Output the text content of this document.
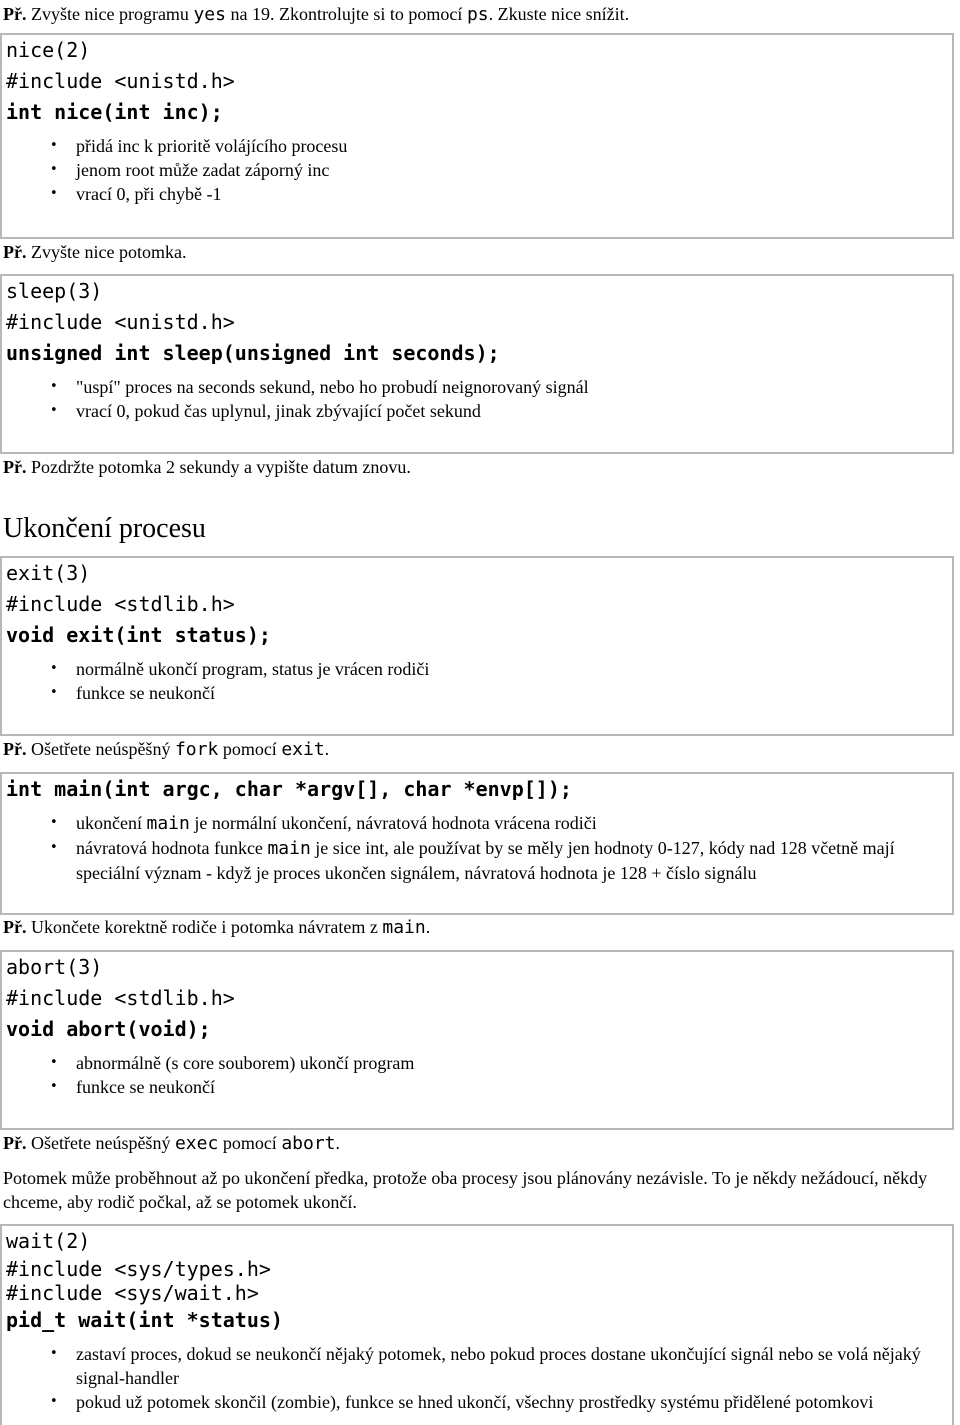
Př. Zvyšte nice programu yes na 19. Zkontrolujte si to pomocí ps. Zkuste nice snížit.

nice(2)
#include <unistd.h>
int nice(int inc);
• přidá inc k prioritě volájícího procesu
• jenom root může zadat záporný inc
• vrací 0, při chybě -1

Př. Zvyšte nice potomka.

sleep(3)
#include <unistd.h>
unsigned int sleep(unsigned int seconds);
• "uspí" proces na seconds sekund, nebo ho probudí neignorovaný signál
• vrací 0, pokud čas uplynul, jinak zbývající počet sekund

Př. Pozdržte potomka 2 sekundy a vypište datum znovu.

Ukončení procesu
exit(3)
#include <stdlib.h>
void exit(int status);
• normálně ukončí program, status je vrácen rodiči
• funkce se neukončí

Př. Ošetřete neúspěšný fork pomocí exit.

int main(int argc, char *argv[], char *envp[]);
• ukončení main je normální ukončení, návratová hodnota vrácena rodiči
• návratová hodnota funkce main je sice int, ale používat by se měly jen hodnoty 0-127, kódy nad 128 včetně mají speciální význam - když je proces ukončen signálem, návratová hodnota je 128 + číslo signálu

Př. Ukončete korektně rodiče i potomka návratem z main.

abort(3)
#include <stdlib.h>
void abort(void);
• abnormálně (s core souborem) ukončí program
• funkce se neukončí

Př. Ošetřete neúspěšný exec pomocí abort.

Potomek může proběhnout až po ukončení předka, protože oba procesy jsou plánovány nezávisle. To je někdy nežádoucí, někdy chceme, aby rodič počkal, až se potomek ukončí.

wait(2)
#include <sys/types.h>
#include <sys/wait.h>
pid_t wait(int *status)
• zastaví proces, dokud se neukončí nějaký potomek, nebo pokud proces dostane ukončující signál nebo se volá nějaký signal-handler
• pokud už potomek skončil (zombie), funkce se hned ukončí, všechny prostředky systému přidělené potomkovi
